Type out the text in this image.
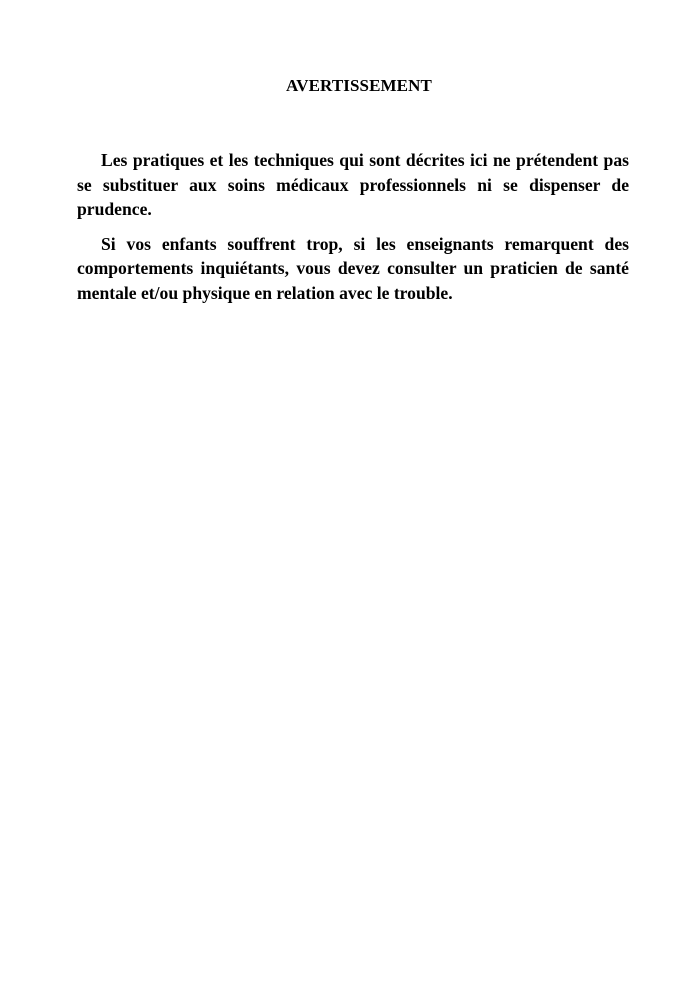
AVERTISSEMENT

Les pratiques et les techniques qui sont décrites ici ne prétendent pas se substituer aux soins médicaux professionnels ni se dispenser de prudence.

Si vos enfants souffrent trop, si les enseignants remarquent des comportements inquiétants, vous devez consulter un praticien de santé mentale et/ou physique en relation avec le trouble.
